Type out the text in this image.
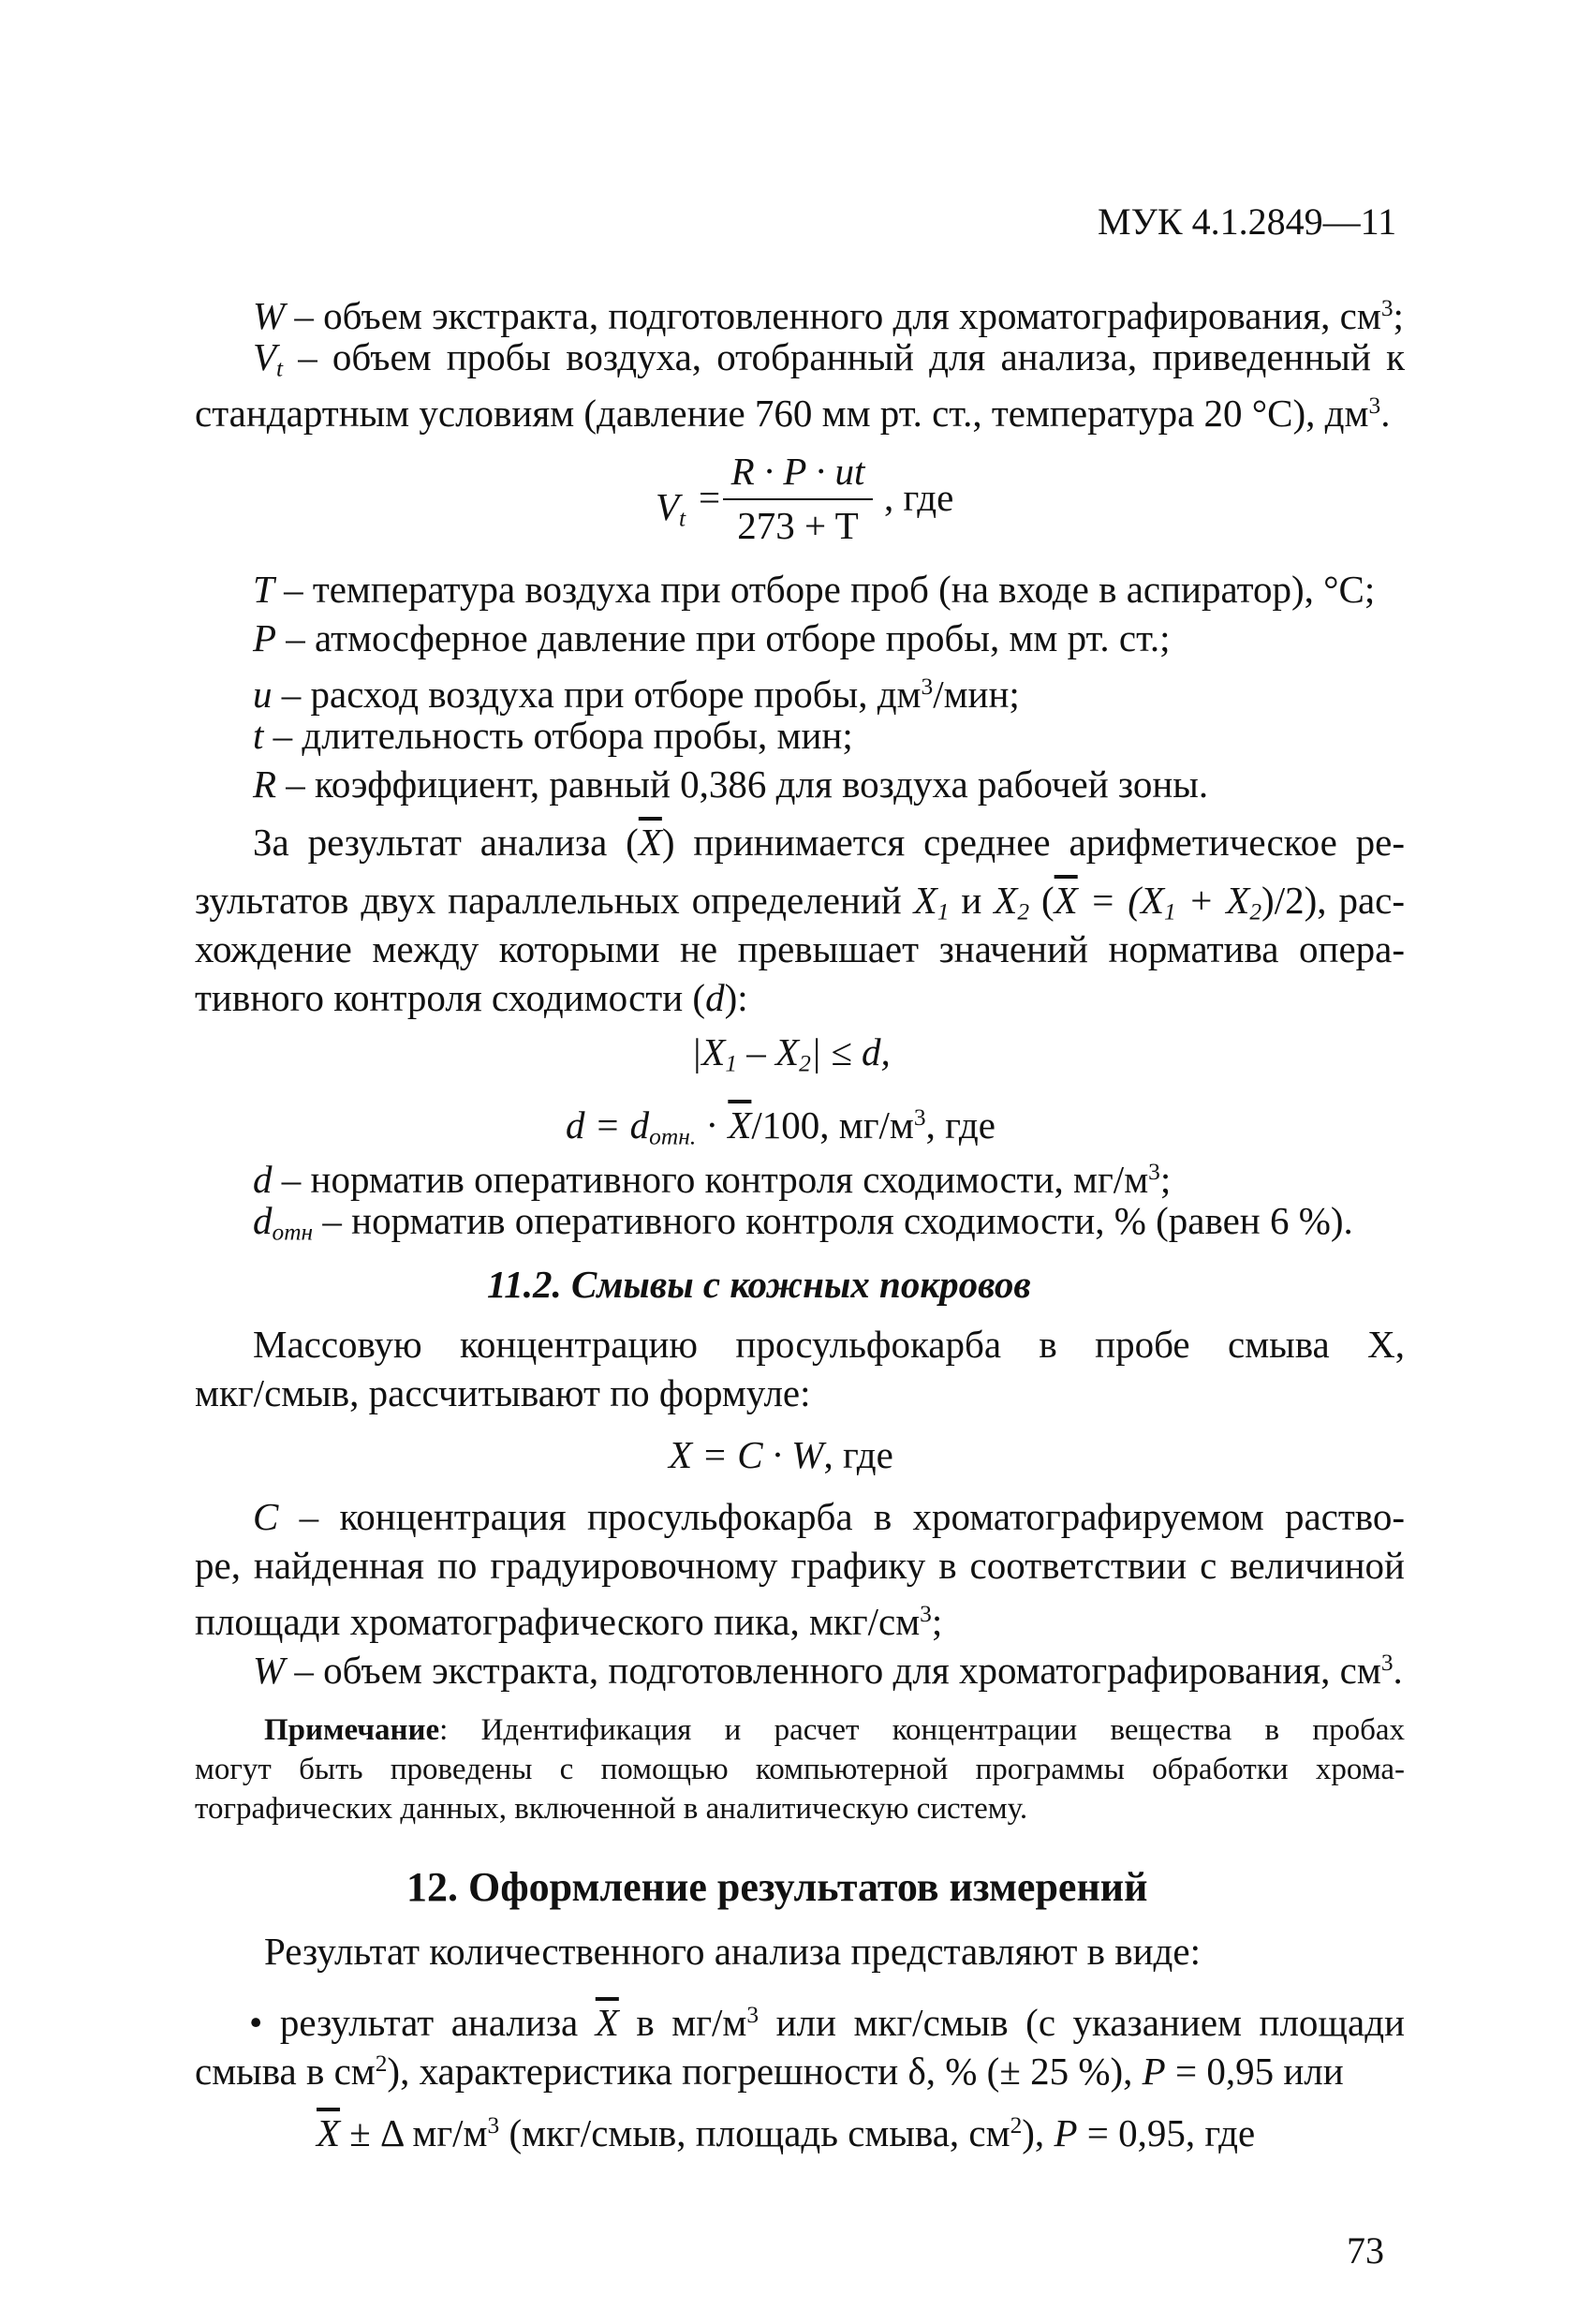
МУК 4.1.2849—11
W – объем экстракта, подготовленного для хроматографирования, $см^3$;
$V_t$ – объем пробы воздуха, отобранный для анализа, приведенный к
стандартным условиям (давление 760 мм рт. ст., температура 20 °С), $дм^3$.
$V_t$ =
R · P · ut
273 + T
, где
T – температура воздуха при отборе проб (на входе в аспиратор), °С;
P – атмосферное давление при отборе пробы, мм рт. ст.;
u – расход воздуха при отборе пробы, $дм^3$/мин;
t – длительность отбора пробы, мин;
R – коэффициент, равный 0,386 для воздуха рабочей зоны.
За результат анализа $(\overline{X})$ принимается среднее арифметическое ре-
зультатов двух параллельных определений $X_1$ и $X_2$ $(\overline{X} = (X_1 + X_2)/2)$, рас-
хождение между которыми не превышает значений норматива опера-
тивного контроля сходимости (d):
$|X_1 - X_2| \le d$,
$d = d_{отн.} \cdot \overline{X}/100$, $мг/м^3$, где
d – норматив оперативного контроля сходимости, $мг/м^3$;
$d_{отн}$ – норматив оперативного контроля сходимости, % (равен 6 %).
11.2. Смывы с кожных покровов
Массовую концентрацию просульфокарба в пробе смыва X,
мкг/смыв, рассчитывают по формуле:
X = C · W, где
C – концентрация просульфокарба в хроматографируемом раство-
ре, найденная по градуировочному графику в соответствии с величиной
площади хроматографического пика, мкг/$см^3$;
W – объем экстракта, подготовленного для хроматографирования, $см^3$.
Примечание: Идентификация и расчет концентрации вещества в пробах
могут быть проведены с помощью компьютерной программы обработки хрома-
тографических данных, включенной в аналитическую систему.
12. Оформление результатов измерений
Результат количественного анализа представляют в виде:
• результат анализа $\overline{X}$ в $мг/м^3$ или мкг/смыв (с указанием площади
смыва в $см^2$), характеристика погрешности δ, % (± 25 %), P = 0,95 или
$\overline{X} \pm \Delta$ $мг/м^3$ (мкг/смыв, площадь смыва, $см^2$), P = 0,95, где
73
